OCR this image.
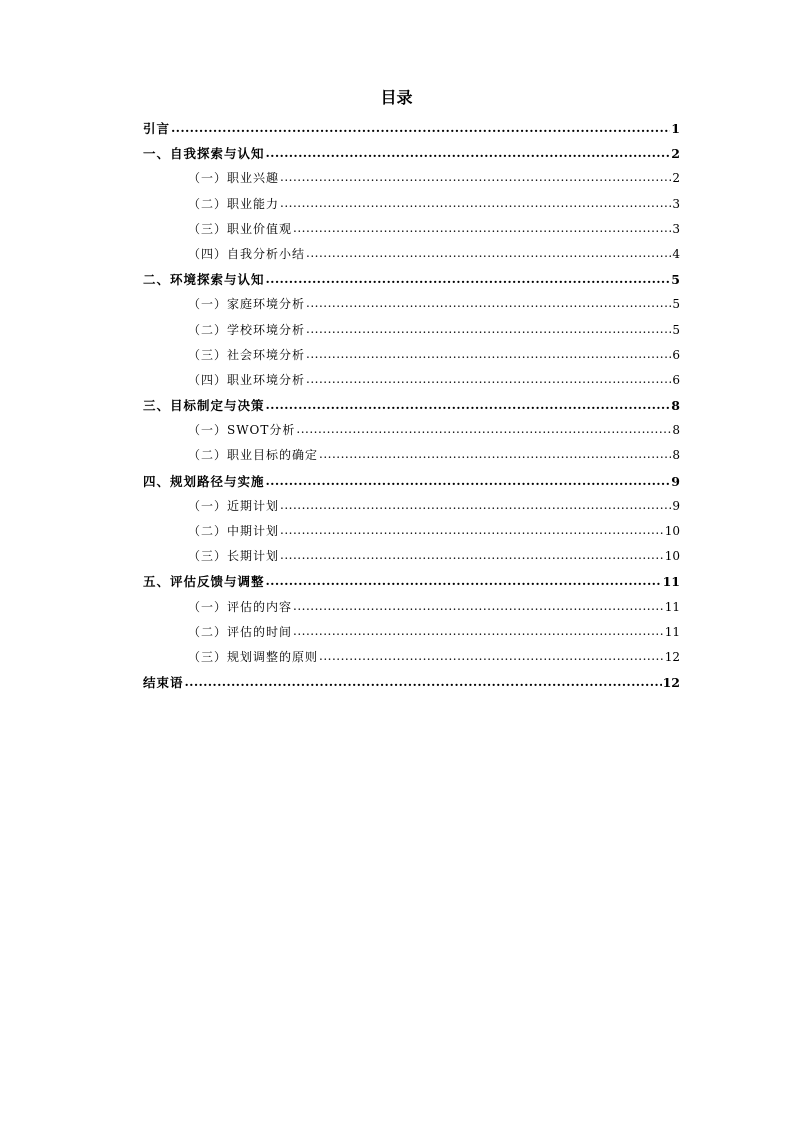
目录
引言 .....	1
一、自我探索与认知 .....	2
（一）职业兴趣 .....	2
（二）职业能力 .....	3
（三）职业价值观 .....	3
（四）自我分析小结 .....	4
二、环境探索与认知 .....	5
（一）家庭环境分析 .....	5
（二）学校环境分析 .....	5
（三）社会环境分析 .....	6
（四）职业环境分析 .....	6
三、目标制定与决策 .....	8
（一）SWOT分析 .....	8
（二）职业目标的确定 .....	8
四、规划路径与实施 .....	9
（一）近期计划 .....	9
（二）中期计划 .....	10
（三）长期计划 .....	10
五、评估反馈与调整 .....	11
（一）评估的内容 .....	11
（二）评估的时间 .....	11
（三）规划调整的原则 .....	12
结束语 .....	12
